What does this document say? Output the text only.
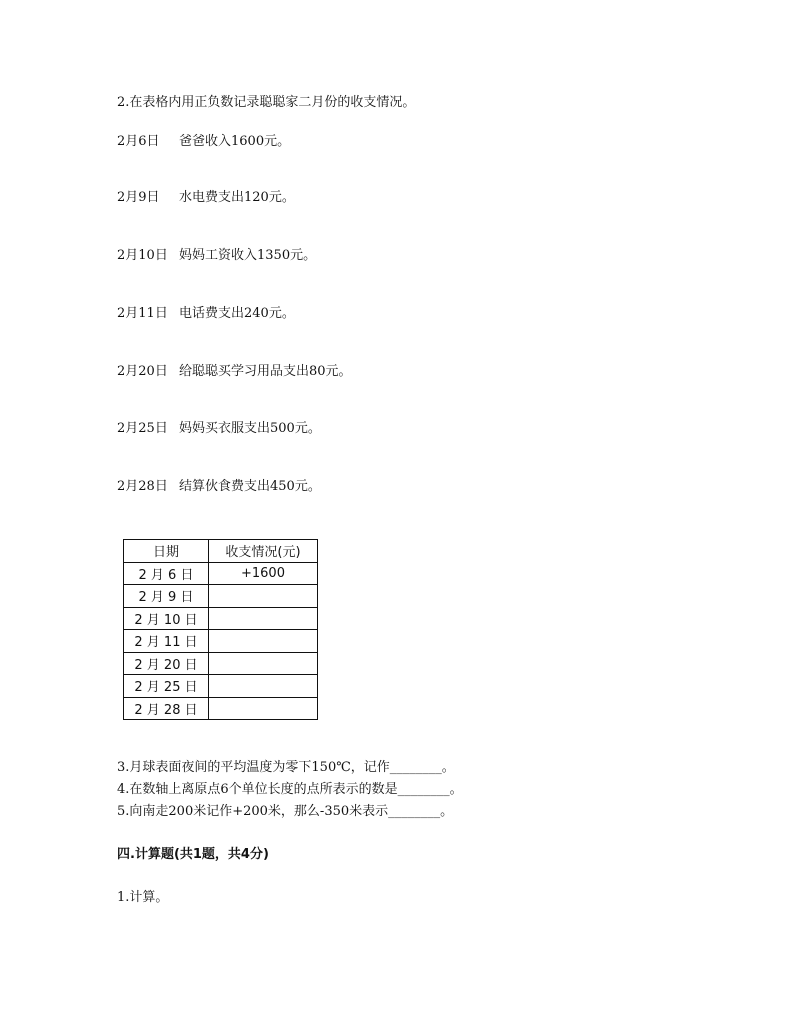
2.在表格内用正负数记录聪聪家二月份的收支情况。
2月6日 爸爸收入1600元。
2月9日 水电费支出120元。
2月10日 妈妈工资收入1350元。
2月11日 电话费支出240元。
2月20日 给聪聪买学习用品支出80元。
2月25日 妈妈买衣服支出500元。
2月28日 结算伙食费支出450元。
日期	收支情况(元)
2 月 6 日	+1600
2 月 9 日	
2 月 10 日	
2 月 11 日	
2 月 20 日	
2 月 25 日	
2 月 28 日	
3.月球表面夜间的平均温度为零下150℃，记作________。
4.在数轴上离原点6个单位长度的点所表示的数是________。
5.向南走200米记作+200米，那么-350米表示________。
四.计算题(共1题，共4分)
1.计算。
